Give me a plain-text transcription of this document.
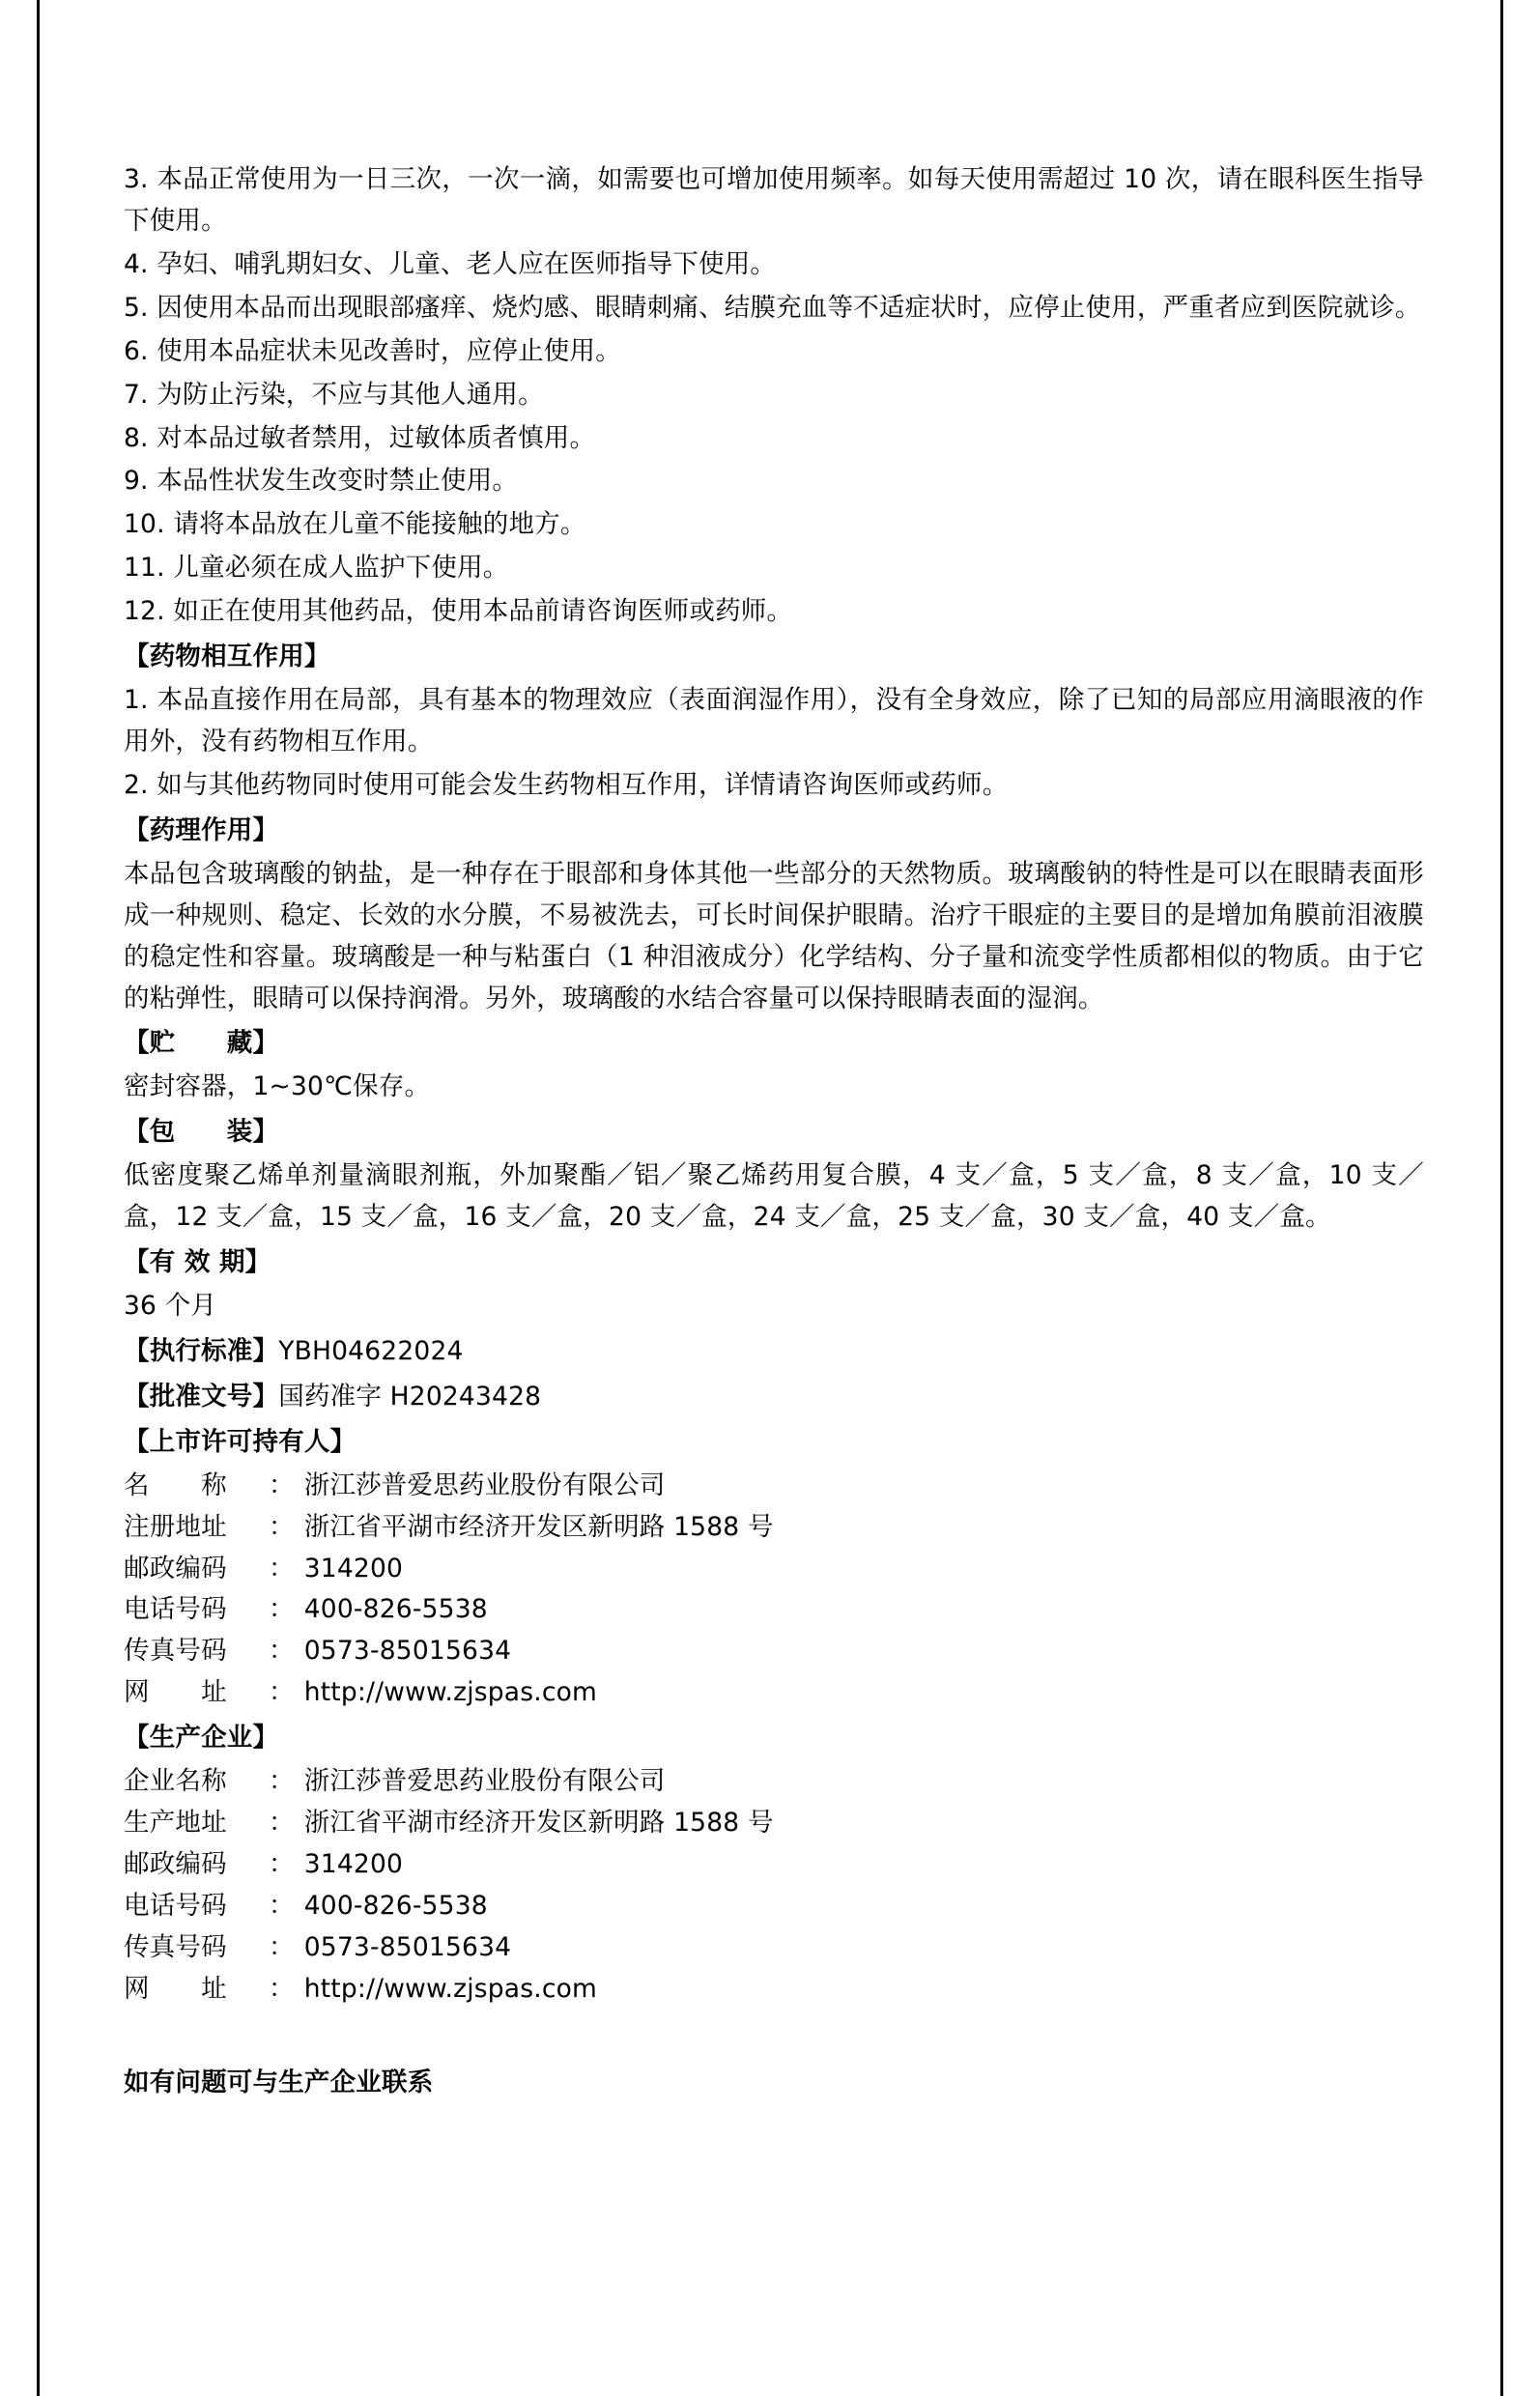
3. 本品正常使用为一日三次，一次一滴，如需要也可增加使用频率。如每天使用需超过 10 次，请在眼科医生指导下使用。

4. 孕妇、哺乳期妇女、儿童、老人应在医师指导下使用。

5. 因使用本品而出现眼部瘙痒、烧灼感、眼睛刺痛、结膜充血等不适症状时，应停止使用，严重者应到医院就诊。

6. 使用本品症状未见改善时，应停止使用。

7. 为防止污染，不应与其他人通用。

8. 对本品过敏者禁用，过敏体质者慎用。

9. 本品性状发生改变时禁止使用。

10. 请将本品放在儿童不能接触的地方。

11. 儿童必须在成人监护下使用。

12. 如正在使用其他药品，使用本品前请咨询医师或药师。

【药物相互作用】

1. 本品直接作用在局部，具有基本的物理效应（表面润湿作用），没有全身效应，除了已知的局部应用滴眼液的作用外，没有药物相互作用。

2. 如与其他药物同时使用可能会发生药物相互作用，详情请咨询医师或药师。

【药理作用】

本品包含玻璃酸的钠盐，是一种存在于眼部和身体其他一些部分的天然物质。玻璃酸钠的特性是可以在眼睛表面形成一种规则、稳定、长效的水分膜，不易被洗去，可长时间保护眼睛。治疗干眼症的主要目的是增加角膜前泪液膜的稳定性和容量。玻璃酸是一种与粘蛋白（1 种泪液成分）化学结构、分子量和流变学性质都相似的物质。由于它的粘弹性，眼睛可以保持润滑。另外，玻璃酸的水结合容量可以保持眼睛表面的湿润。

【贮　　藏】

密封容器，1~30℃保存。

【包　　装】

低密度聚乙烯单剂量滴眼剂瓶，外加聚酯／铝／聚乙烯药用复合膜，4 支／盒，5 支／盒，8 支／盒，10 支／盒，12 支／盒，15 支／盒，16 支／盒，20 支／盒，24 支／盒，25 支／盒，30 支／盒，40 支／盒。

【有 效 期】

36 个月

【执行标准】YBH04622024
【批准文号】国药准字 H20243428
【上市许可持有人】
名　　称	： 浙江莎普爱思药业股份有限公司
注册地址	： 浙江省平湖市经济开发区新明路 1588 号
邮政编码	： 314200
电话号码	： 400-826-5538
传真号码	： 0573-85015634
网　　址	： http://www.zjspas.com
【生产企业】
企业名称	： 浙江莎普爱思药业股份有限公司
生产地址	： 浙江省平湖市经济开发区新明路 1588 号
邮政编码	： 314200
电话号码	： 400-826-5538
传真号码	： 0573-85015634
网　　址	： http://www.zjspas.com
如有问题可与生产企业联系
